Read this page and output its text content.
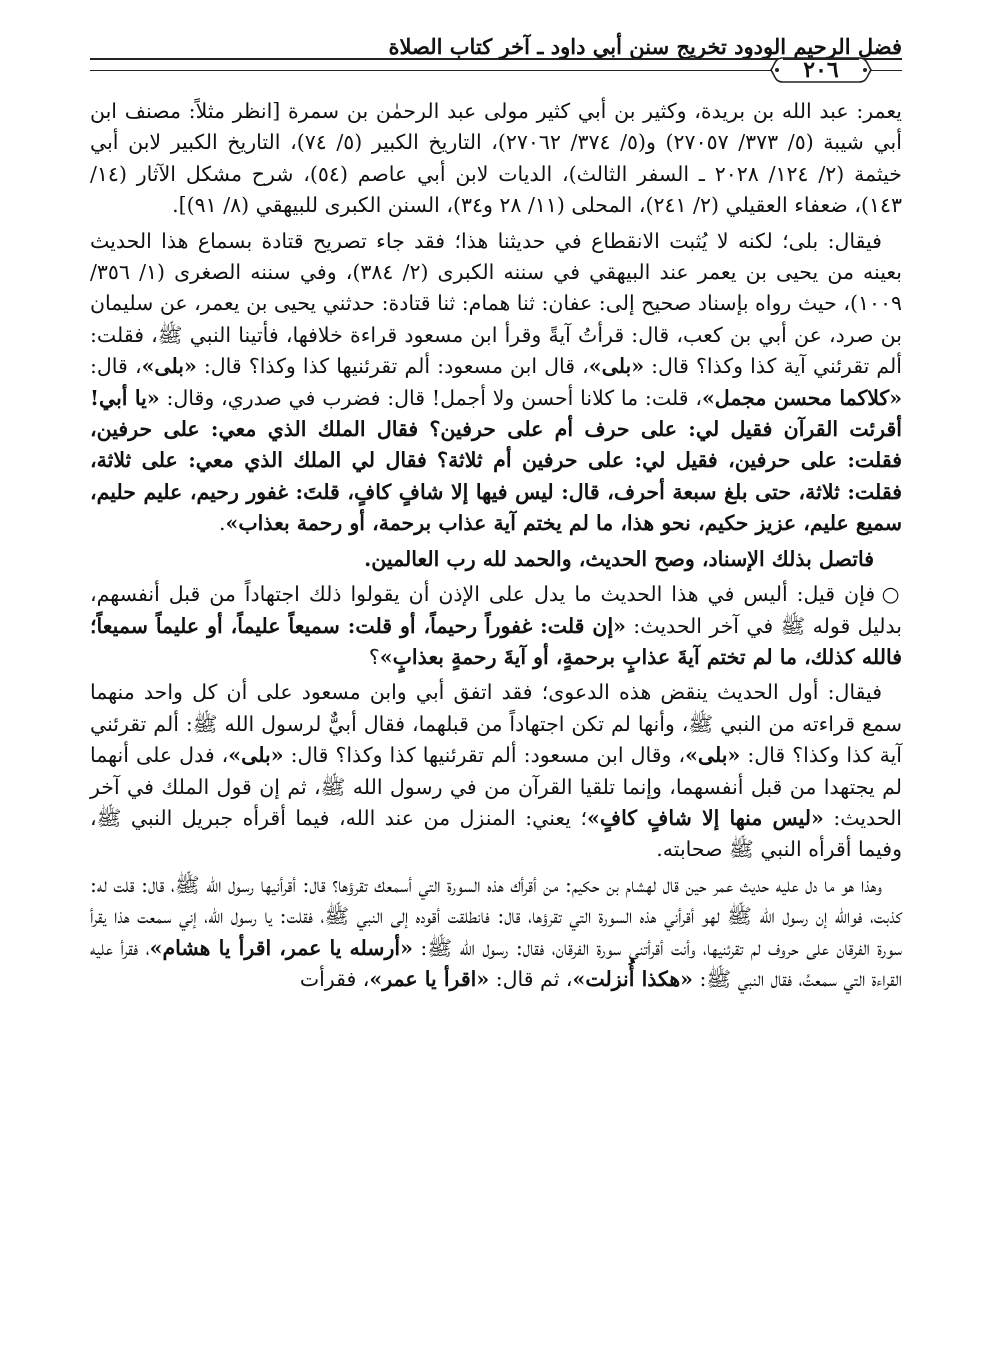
فضل الرحيم الودود تخريج سنن أبي داود ـ آخر كتاب الصلاة
٢٠٦

يعمر: عبد الله بن بريدة، وكثير بن أبي كثير مولى عبد الرحمٰن بن سمرة [انظر مثلاً: مصنف ابن أبي شيبة (٥/ ٣٧٣/ ٢٧٠٥٧) و(٥/ ٣٧٤/ ٢٧٠٦٢)، التاريخ الكبير (٥/ ٧٤)، التاريخ الكبير لابن أبي خيثمة (٢/ ١٢٤/ ٢٠٢٨ ـ السفر الثالث)، الديات لابن أبي عاصم (٥٤)، شرح مشكل الآثار (١٤/ ١٤٣)، ضعفاء العقيلي (٢/ ٢٤١)، المحلى (١١/ ٢٨ و٣٤)، السنن الكبرى للبيهقي (٨/ ٩١)].

فيقال: بلى؛ لكنه لا يُثبت الانقطاع في حديثنا هذا؛ فقد جاء تصريح قتادة بسماع هذا الحديث بعينه من يحيى بن يعمر عند البيهقي في سننه الكبرى (٢/ ٣٨٤)، وفي سننه الصغرى (١/ ٣٥٦/ ١٠٠٩)، حيث رواه بإسناد صحيح إلى: عفان: ثنا همام: ثنا قتادة: حدثني يحيى بن يعمر، عن سليمان بن صرد، عن أبي بن كعب، قال: قرأتُ آيةً وقرأ ابن مسعود قراءة خلافها، فأتينا النبي ﷺ، فقلت: ألم تقرئني آية كذا وكذا؟ قال: «بلى»، قال ابن مسعود: ألم تقرئنيها كذا وكذا؟ قال: «بلى»، قال: «كلاكما محسن مجمل»، قلت: ما كلانا أحسن ولا أجمل! قال: فضرب في صدري، وقال: «يا أبي! أقرئت القرآن فقيل لي: على حرف أم على حرفين؟ فقال الملك الذي معي: على حرفين، فقلت: على حرفين، فقيل لي: على حرفين أم ثلاثة؟ فقال لي الملك الذي معي: على ثلاثة، فقلت: ثلاثة، حتى بلغ سبعة أحرف، قال: ليس فيها إلا شافٍ كافٍ، قلتَ: غفور رحيم، عليم حليم، سميع عليم، عزيز حكيم، نحو هذا، ما لم يختم آية عذاب برحمة، أو رحمة بعذاب».

فاتصل بذلك الإسناد، وصح الحديث، والحمد لله رب العالمين.

○ فإن قيل: أليس في هذا الحديث ما يدل على الإذن أن يقولوا ذلك اجتهاداً من قبل أنفسهم، بدليل قوله ﷺ في آخر الحديث: «إن قلت: غفوراً رحيماً، أو قلت: سميعاً عليماً، أو عليماً سميعاً؛ فالله كذلك، ما لم تختم آيةَ عذابٍ برحمةٍ، أو آيةَ رحمةٍ بعذابٍ»؟

فيقال: أول الحديث ينقض هذه الدعوى؛ فقد اتفق أبي وابن مسعود على أن كل واحد منهما سمع قراءته من النبي ﷺ، وأنها لم تكن اجتهاداً من قبلهما، فقال أبيٌّ لرسول الله ﷺ: ألم تقرئني آية كذا وكذا؟ قال: «بلى»، وقال ابن مسعود: ألم تقرئنيها كذا وكذا؟ قال: «بلى»، فدل على أنهما لم يجتهدا من قبل أنفسهما، وإنما تلقيا القرآن من في رسول الله ﷺ، ثم إن قول الملك في آخر الحديث: «ليس منها إلا شافٍ كافٍ»؛ يعني: المنزل من عند الله، فيما أقرأه جبريل النبي ﷺ، وفيما أقرأه النبي ﷺ صحابته.

وهذا هو ما دل عليه حديث عمر حين قال لهشام بن حكيم: من أقرأك هذه السورة التي أسمعك تقرؤها؟ قال: أقرأنيها رسول الله ﷺ، قال: قلت له: كذبت، فوالله إن رسول الله ﷺ لهو أقرأني هذه السورة التي تقرؤها، قال: فانطلقت أقوده إلى النبي ﷺ، فقلت: يا رسول الله، إني سمعت هذا يقرأ سورة الفرقان على حروف لم تقرئنيها، وأنت أقرأتني سورة الفرقان، فقال: رسول الله ﷺ: «أرسله يا عمر، اقرأ يا هشام»، فقرأ عليه القراءة التي سمعتُ، فقال النبي ﷺ: «هكذا أُنزلت»، ثم قال: «اقرأ يا عمر»، فقرأت
